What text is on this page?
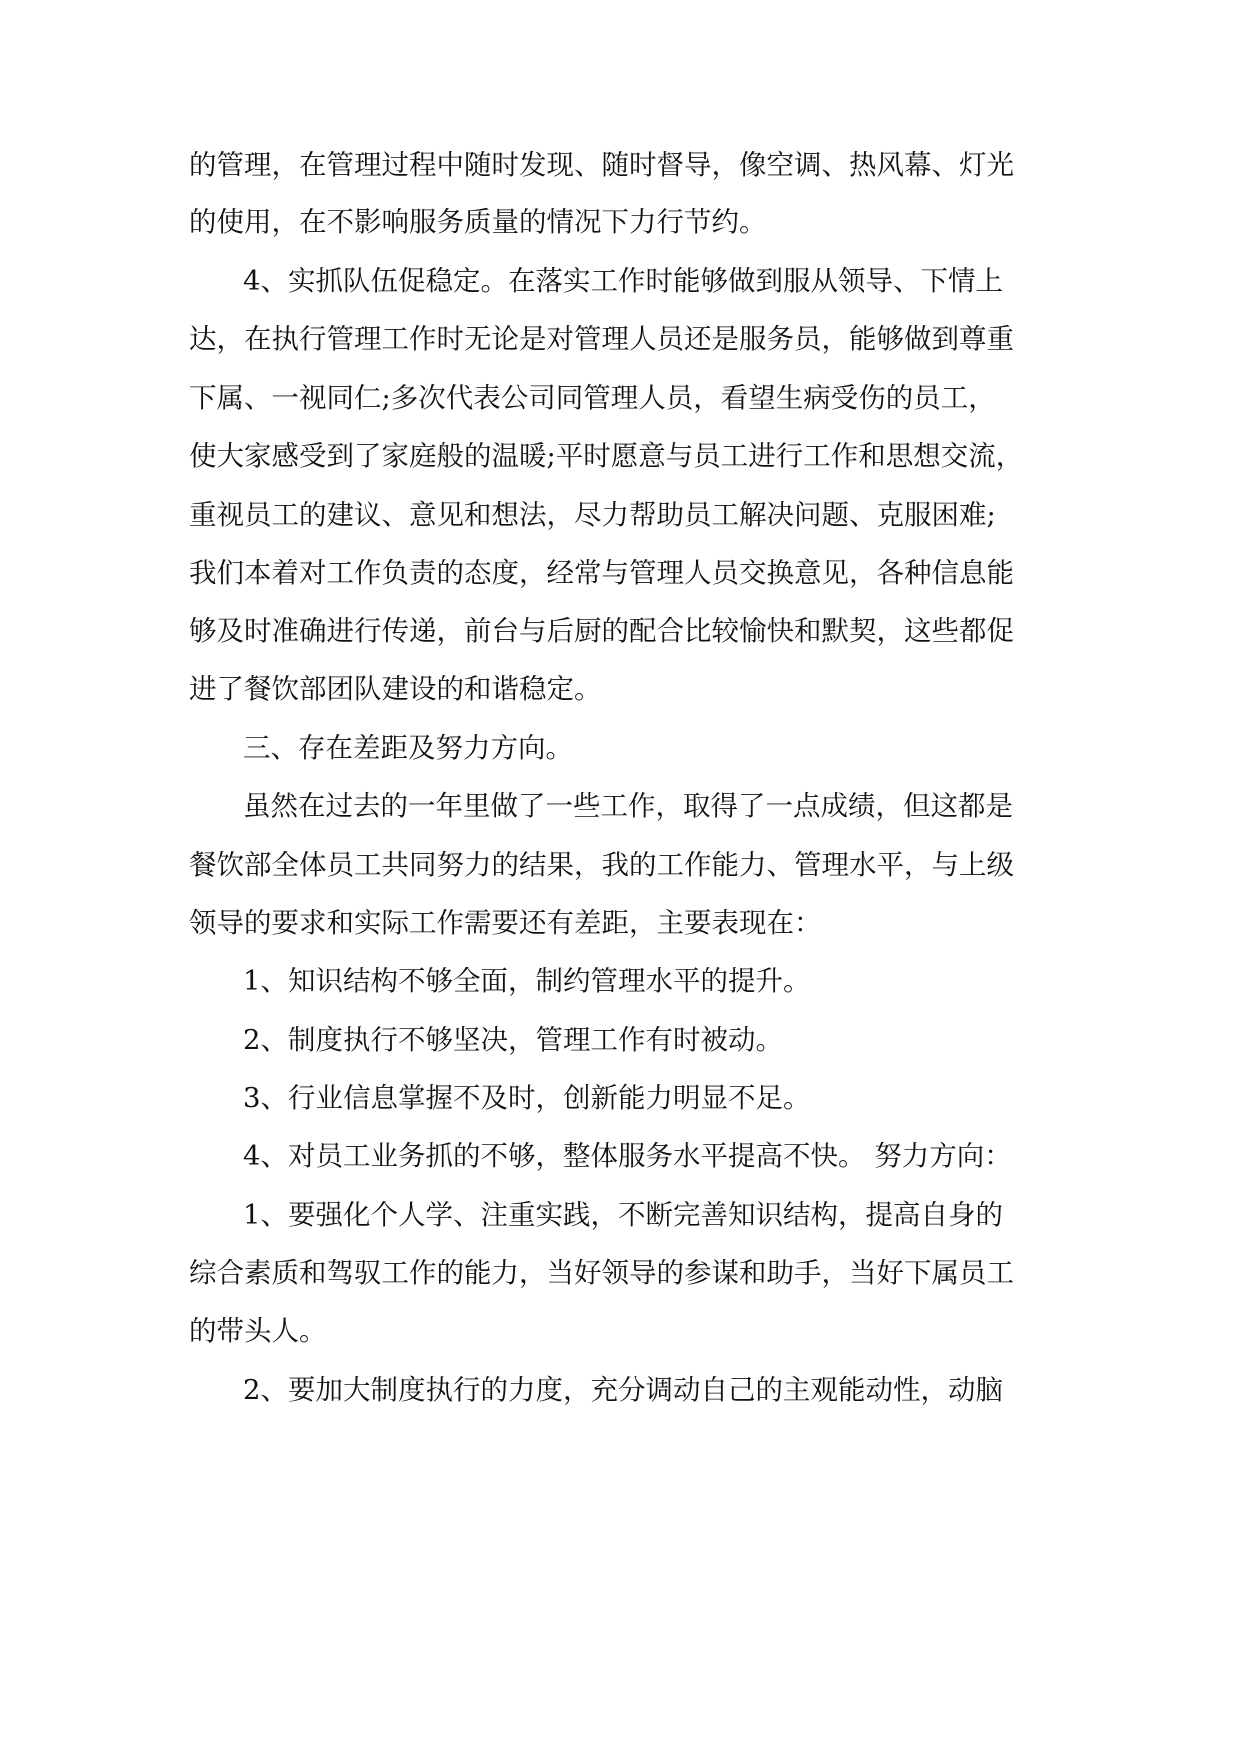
的管理，在管理过程中随时发现、随时督导，像空调、热风幕、灯光
的使用，在不影响服务质量的情况下力行节约。
4、实抓队伍促稳定。在落实工作时能够做到服从领导、下情上
达，在执行管理工作时无论是对管理人员还是服务员，能够做到尊重
下属、一视同仁;多次代表公司同管理人员，看望生病受伤的员工，
使大家感受到了家庭般的温暖;平时愿意与员工进行工作和思想交流，
重视员工的建议、意见和想法，尽力帮助员工解决问题、克服困难;
我们本着对工作负责的态度，经常与管理人员交换意见，各种信息能
够及时准确进行传递，前台与后厨的配合比较愉快和默契，这些都促
进了餐饮部团队建设的和谐稳定。
三、存在差距及努力方向。
虽然在过去的一年里做了一些工作，取得了一点成绩，但这都是
餐饮部全体员工共同努力的结果，我的工作能力、管理水平，与上级
领导的要求和实际工作需要还有差距，主要表现在：
1、知识结构不够全面，制约管理水平的提升。
2、制度执行不够坚决，管理工作有时被动。
3、行业信息掌握不及时，创新能力明显不足。
4、对员工业务抓的不够，整体服务水平提高不快。 努力方向：
1、要强化个人学、注重实践，不断完善知识结构，提高自身的
综合素质和驾驭工作的能力，当好领导的参谋和助手，当好下属员工
的带头人。
2、要加大制度执行的力度，充分调动自己的主观能动性，动脑
